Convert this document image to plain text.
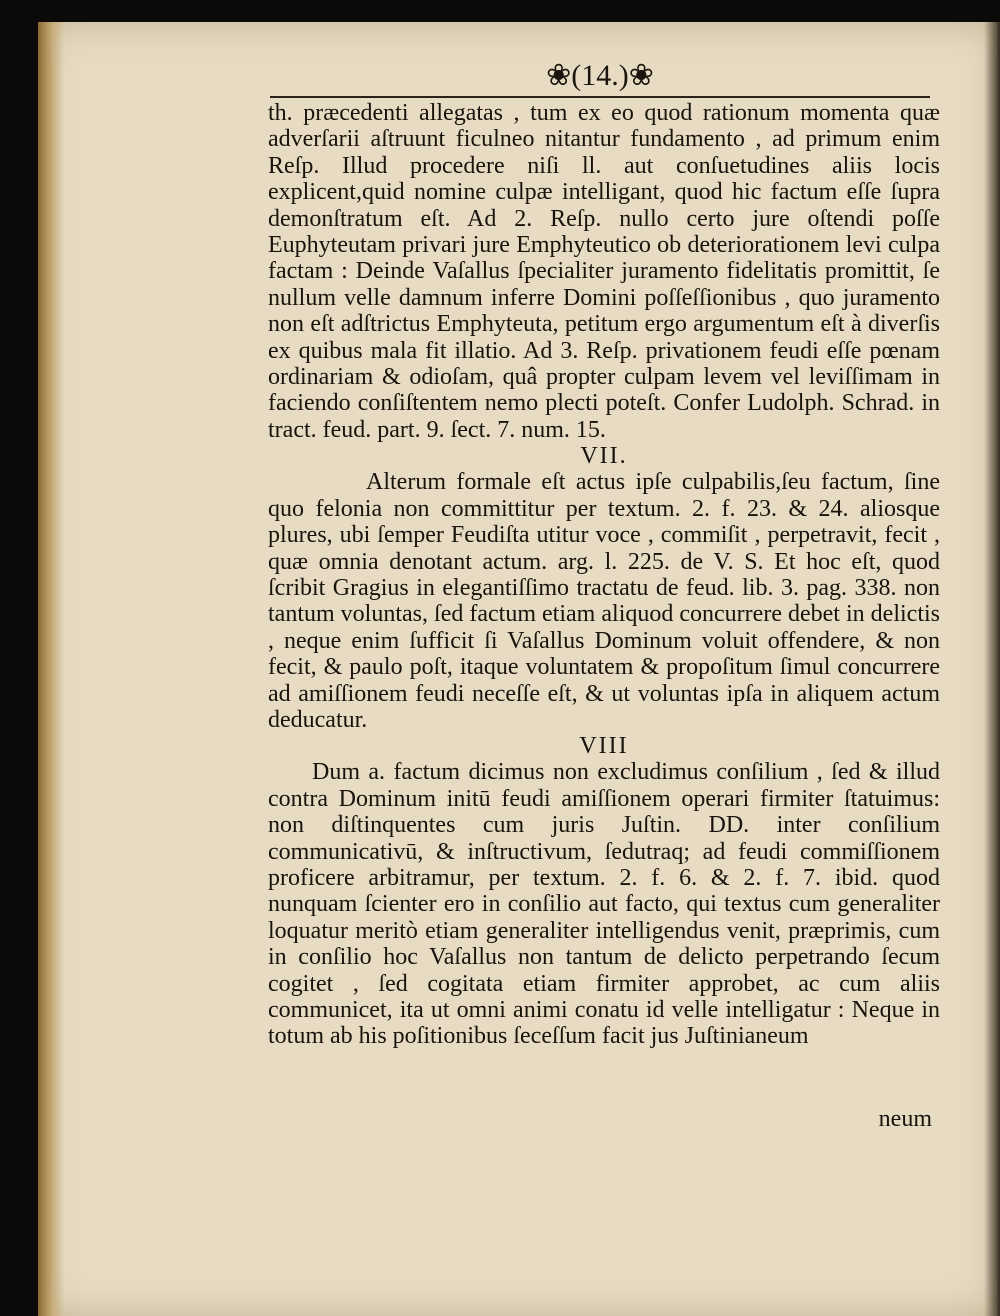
❀(14.)❀

th. præcedenti allegatas , tum ex eo quod rationum momenta quæ adverſarii aſtruunt ficulneo nitantur fundamento , ad primum enim Reſp. Illud procedere niſi ll. aut conſuetudines aliis locis explicent,quid nomine culpæ intelligant, quod hic factum eſſe ſupra demonſtratum eſt. Ad 2. Reſp. nullo certo jure oſtendi poſſe Euphyteutam privari jure Emphyteutico ob deteriorationem levi culpa factam : Deinde Vaſallus ſpecialiter juramento fidelitatis promittit, ſe nullum velle damnum inferre Domini poſſeſſionibus , quo juramento non eſt adſtrictus Emphyteuta, petitum ergo argumentum eſt à diverſis ex quibus mala fit illatio. Ad 3. Reſp. privationem feudi eſſe pœnam ordinariam & odioſam, quâ propter culpam levem vel leviſſimam in faciendo conſiſtentem nemo plecti poteſt. Confer Ludolph. Schrad. in tract. feud. part. 9. ſect. 7. num. 15.

VII.

Alterum formale eſt actus ipſe culpabilis,ſeu factum, ſine quo felonia non committitur per textum. 2. f. 23. & 24. aliosque plures, ubi ſemper Feudiſta utitur voce , commiſit , perpetravit, fecit , quæ omnia denotant actum. arg. l. 225. de V. S. Et hoc eſt, quod ſcribit Gragius in elegantiſſimo tractatu de feud. lib. 3. pag. 338. non tantum voluntas, ſed factum etiam aliquod concurrere debet in delictis , neque enim ſufficit ſi Vaſallus Dominum voluit offendere, & non fecit, & paulo poſt, itaque voluntatem & propoſitum ſimul concurrere ad amiſſionem feudi neceſſe eſt, & ut voluntas ipſa in aliquem actum deducatur.

VIII

Dum a. factum dicimus non excludimus conſilium , ſed & illud contra Dominum initū feudi amiſſionem operari firmiter ſtatuimus: non diſtinquentes cum juris Juſtin. DD. inter conſilium communicativū, & inſtructivum, ſedutraq; ad feudi commiſſionem proficere arbitramur, per textum. 2. f. 6. & 2. f. 7. ibid. quod nunquam ſcienter ero in conſilio aut facto, qui textus cum generaliter loquatur meritò etiam generaliter intelligendus venit, præprimis, cum in conſilio hoc Vaſallus non tantum de delicto perpetrando ſecum cogitet , ſed cogitata etiam firmiter approbet, ac cum aliis communicet, ita ut omni animi conatu id velle intelligatur : Neque in totum ab his poſitionibus ſeceſſum facit jus Juſtinianeum

neum
